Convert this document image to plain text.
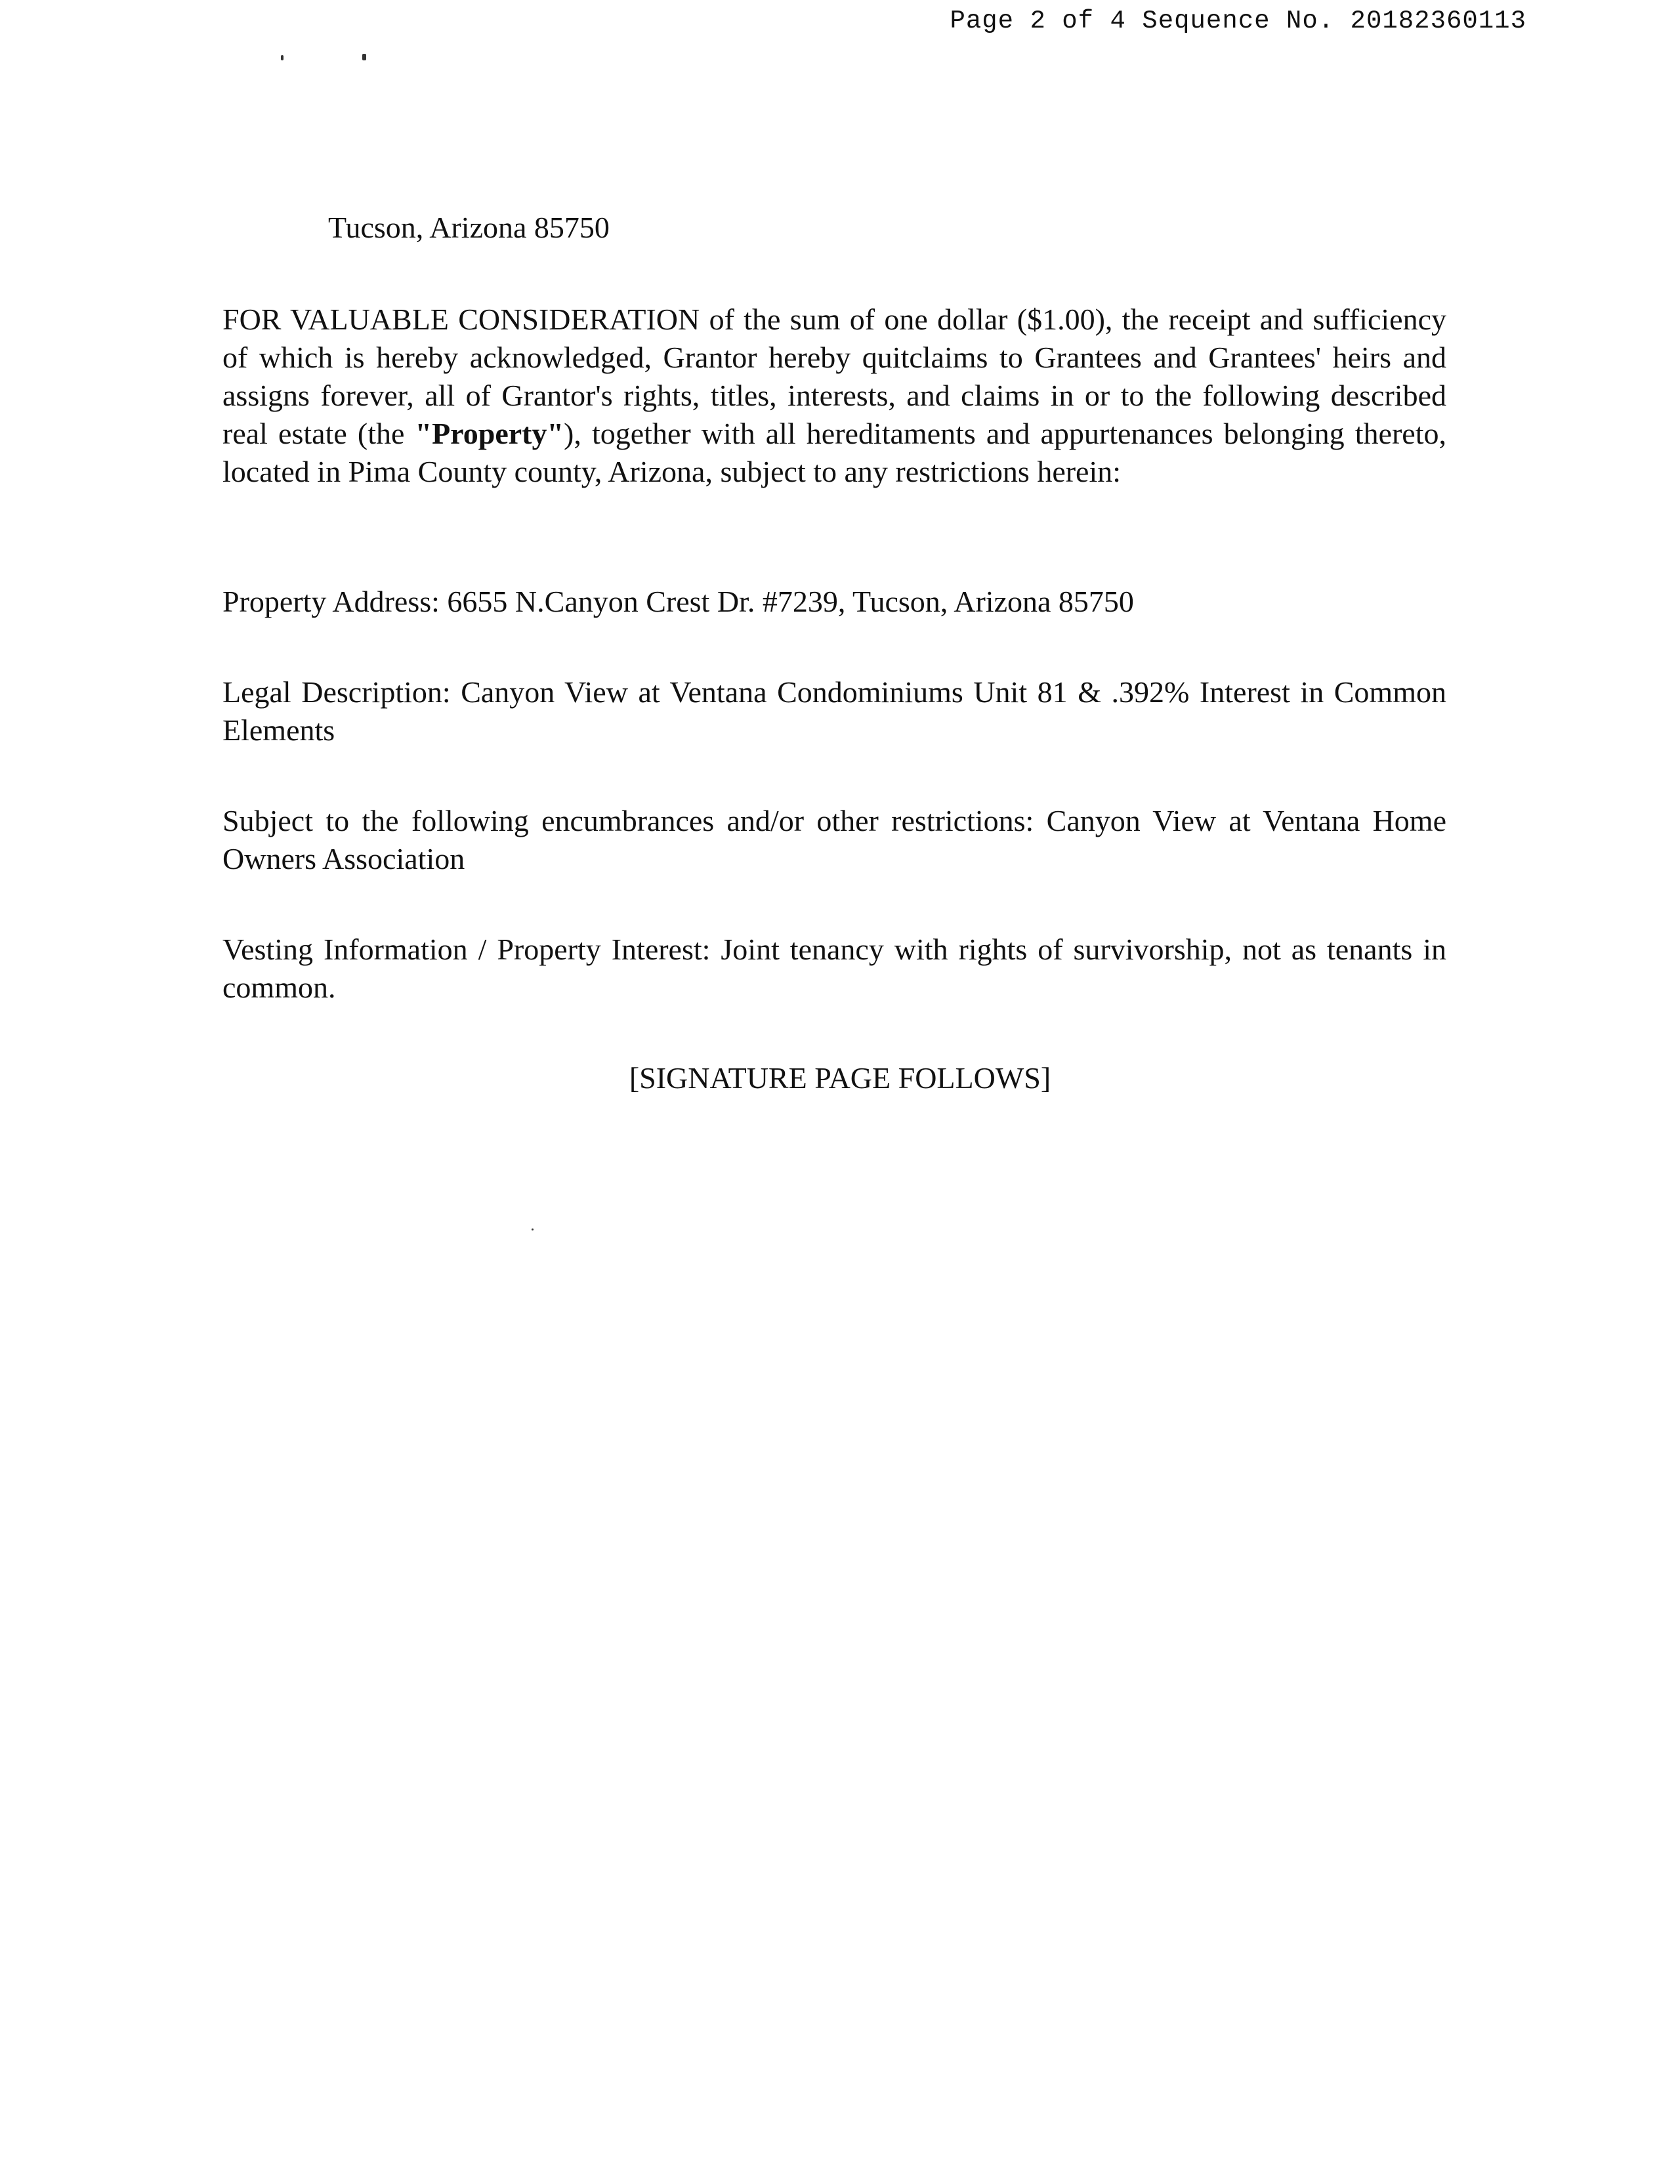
Page 2 of 4 Sequence No. 20182360113
Tucson, Arizona 85750
FOR VALUABLE CONSIDERATION of the sum of one dollar ($1.00), the receipt and sufficiency of which is hereby acknowledged, Grantor hereby quitclaims to Grantees and Grantees' heirs and assigns forever, all of Grantor's rights, titles, interests, and claims in or to the following described real estate (the "Property"), together with all hereditaments and appurtenances belonging thereto, located in Pima County county, Arizona, subject to any restrictions herein:
Property Address: 6655 N.Canyon Crest Dr. #7239, Tucson, Arizona 85750
Legal Description: Canyon View at Ventana Condominiums Unit 81 & .392% Interest in Common Elements
Subject to the following encumbrances and/or other restrictions: Canyon View at Ventana Home Owners Association
Vesting Information / Property Interest: Joint tenancy with rights of survivorship, not as tenants in common.
[SIGNATURE PAGE FOLLOWS]
